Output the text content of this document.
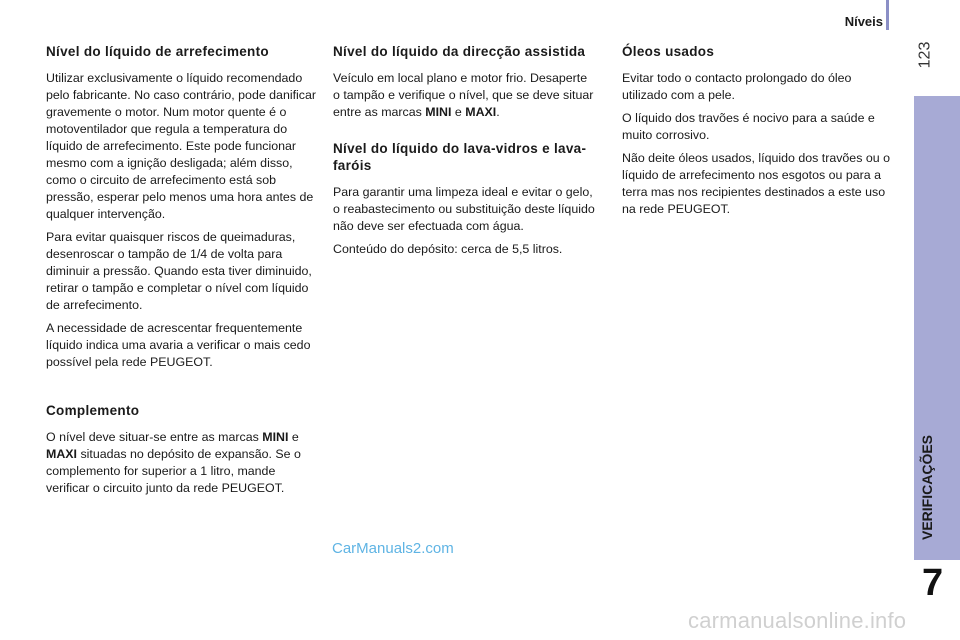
Níveis
123
7
Nível do líquido de arrefecimento

Utilizar exclusivamente o líquido recomendado pelo fabricante. No caso contrário, pode danificar gravemente o motor. Num motor quente é o motoventilador que regula a temperatura do líquido de arrefecimento. Este pode funcionar mesmo com a ignição desligada; além disso, como o circuito de arrefecimento está sob pressão, esperar pelo menos uma hora antes de qualquer intervenção.

Para evitar quaisquer riscos de queimaduras, desenroscar o tampão de 1/4 de volta para diminuir a pressão. Quando esta tiver diminuido, retirar o tampão e completar o nível com líquido de arrefecimento.

A necessidade de acrescentar frequentemente líquido indica uma avaria a verificar o mais cedo possível pela rede PEUGEOT.

Complemento

O nível deve situar-se entre as marcas MINI e MAXI situadas no depósito de expansão. Se o complemento for superior a 1 litro, mande verificar o circuito junto da rede PEUGEOT.

Nível do líquido da direcção assistida

Veículo em local plano e motor frio. Desaperte o tampão e verifique o nível, que se deve situar entre as marcas MINI e MAXI.

Nível do líquido do lava-vidros e lava-faróis

Para garantir uma limpeza ideal e evitar o gelo, o reabastecimento ou substituição deste líquido não deve ser efectuada com água.

Conteúdo do depósito: cerca de 5,5 litros.

Óleos usados

Evitar todo o contacto prolongado do óleo utilizado com a pele.

O líquido dos travões é nocivo para a saúde e muito corrosivo.

Não deite óleos usados, líquido dos travões ou o líquido de arrefecimento nos esgotos ou para a terra mas nos recipientes destinados a este uso na rede PEUGEOT.

CarManuals2.com
carmanualsonline.info
